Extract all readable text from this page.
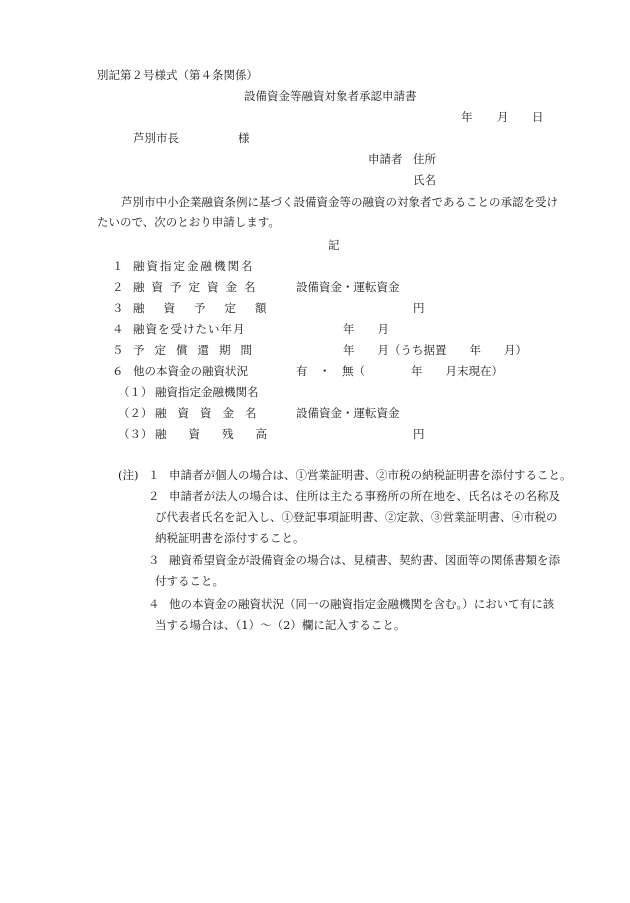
別記第２号様式（第４条関係）
設備資金等融資対象者承認申請書
年 月 日
芦別市長	様
申請者 住所
氏名
芦別市中小企業融資条例に基づく設備資金等の融資の対象者であることの承認を受け
たいので、次のとおり申請します。
記
１ 融資指定金融機関名
２ 融資予定資金名	設備資金・運転資金
３ 融資予定額	円
４ 融資を受けたい年月	年　　月
５ 予定償還期間	年　　月（うち据置　　年　　月）
６ 他の本資金の融資状況	有　・　無（　　　　年　　月末現在）
（１） 融資指定金融機関名
（２） 融資資金名 設備資金・運転資金
（３） 融資残高	円
(注) １ 申請者が個人の場合は、①営業証明書、②市税の納税証明書を添付すること。
２ 申請者が法人の場合は、住所は主たる事務所の所在地を、氏名はその名称及
び代表者氏名を記入し、①登記事項証明書、②定款、③営業証明書、④市税の
納税証明書を添付すること。
３ 融資希望資金が設備資金の場合は、見積書、契約書、図面等の関係書類を添
付すること。
４ 他の本資金の融資状況（同一の融資指定金融機関を含む。）において有に該
当する場合は、（1）～（2）欄に記入すること。
